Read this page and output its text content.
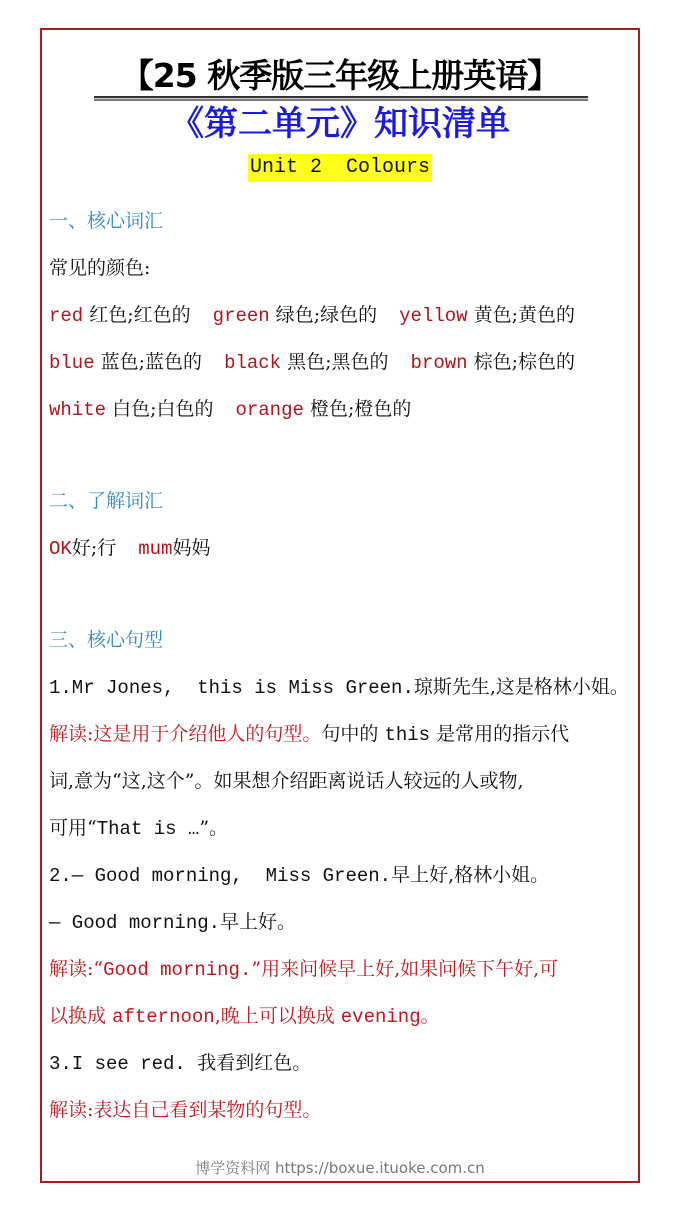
【25 秋季版三年级上册英语】
《第二单元》知识清单
Unit 2  Colours
一、核心词汇
常见的颜色:
red 红色;红色的 green 绿色;绿色的 yellow 黄色;黄色的
blue 蓝色;蓝色的 black 黑色;黑色的 brown 棕色;棕色的
white 白色;白色的 orange 橙色;橙色的
二、了解词汇
OK好;行 mum妈妈
三、核心句型
1.Mr Jones,  this is Miss Green.琼斯先生,这是格林小姐。
解读:这是用于介绍他人的句型。句中的 this 是常用的指示代
词,意为“这,这个”。如果想介绍距离说话人较远的人或物,
可用“That is …”。
2.— Good morning,  Miss Green.早上好,格林小姐。
— Good morning.早上好。
解读:“Good morning.”用来问候早上好,如果问候下午好,可
以换成 afternoon,晚上可以换成 evening。
3.I see red. 我看到红色。
解读:表达自己看到某物的句型。
博学资料网 https://boxue.ituoke.com.cn
